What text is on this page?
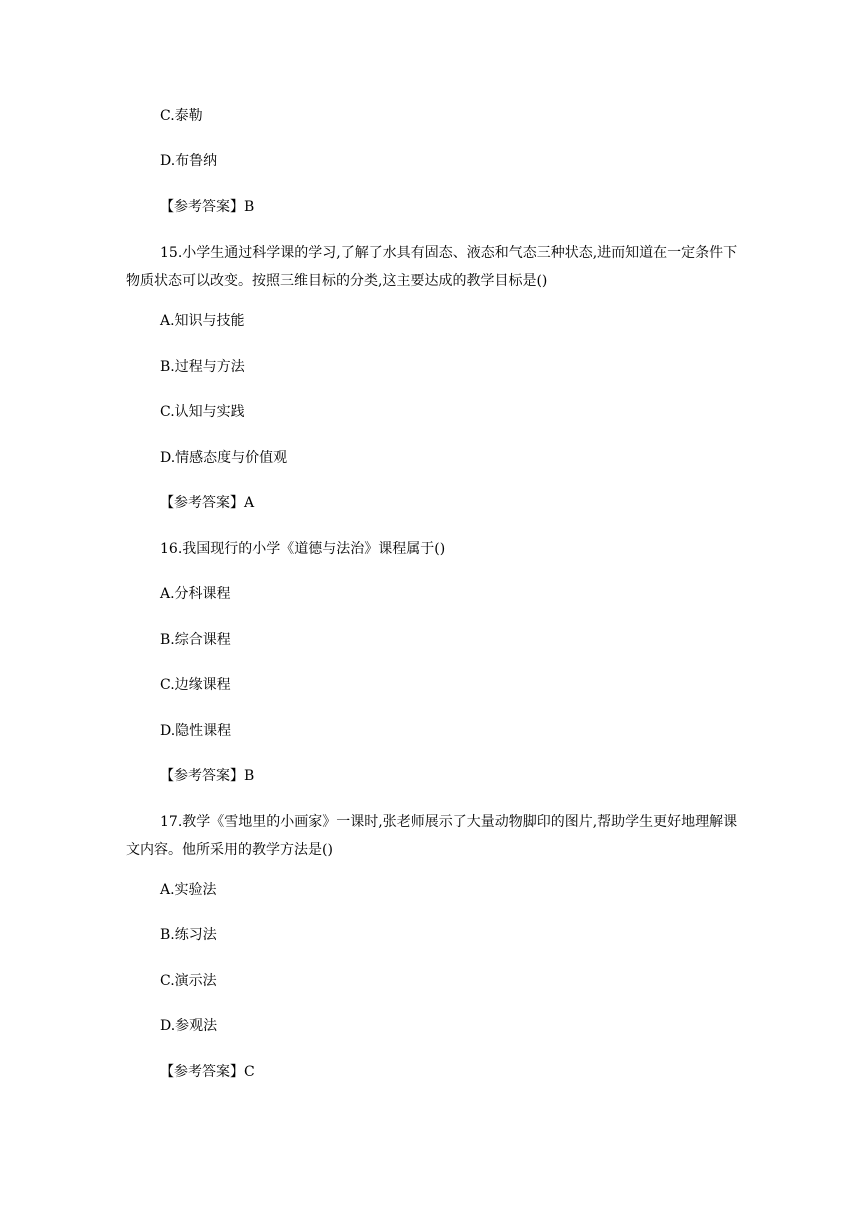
C.泰勒
D.布鲁纳
【参考答案】B
15.小学生通过科学课的学习,了解了水具有固态、液态和气态三种状态,进而知道在一定条件下物质状态可以改变。按照三维目标的分类,这主要达成的教学目标是()
A.知识与技能
B.过程与方法
C.认知与实践
D.情感态度与价值观
【参考答案】A
16.我国现行的小学《道德与法治》课程属于()
A.分科课程
B.综合课程
C.边缘课程
D.隐性课程
【参考答案】B
17.教学《雪地里的小画家》一课时,张老师展示了大量动物脚印的图片,帮助学生更好地理解课文内容。他所采用的教学方法是()
A.实验法
B.练习法
C.演示法
D.参观法
【参考答案】C
